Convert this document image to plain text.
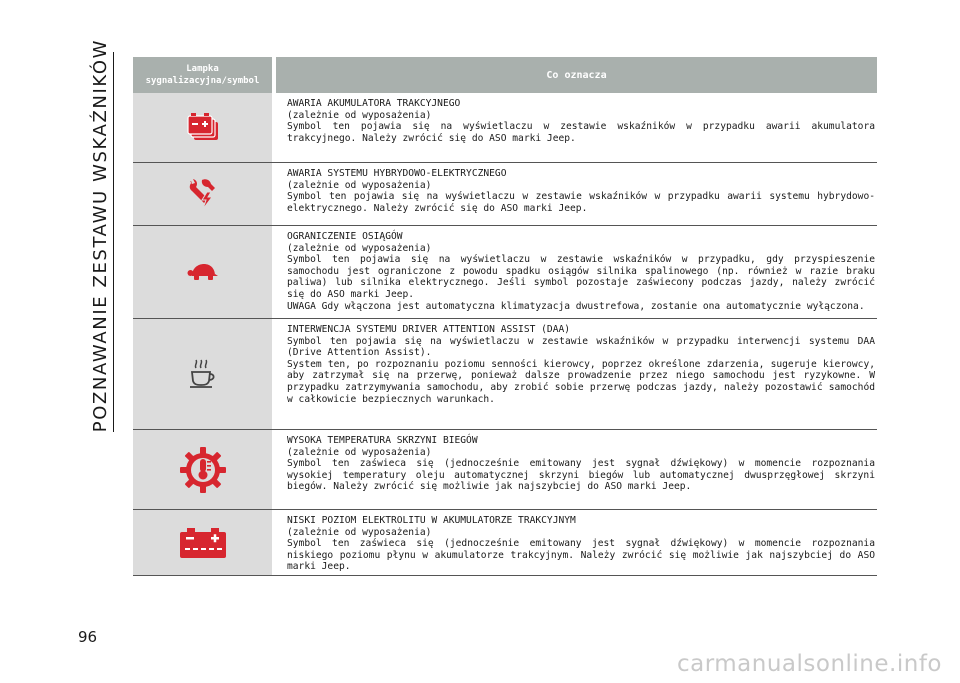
POZNAWANIE ZESTAWU WSKAŹNIKÓW	Lampka
sygnalizacyjna/symbol
Co oznacza
AWARIA AKUMULATORA TRAKCYJNEGO
(zależnie od wyposażenia)
Symbol ten pojawia się na wyświetlaczu w zestawie wskaźników w przypadku awarii akumulatora trakcyjnego. Należy zwrócić się do ASO marki Jeep.
AWARIA SYSTEMU HYBRYDOWO-ELEKTRYCZNEGO
(zależnie od wyposażenia)
Symbol ten pojawia się na wyświetlaczu w zestawie wskaźników w przypadku awarii systemu hybrydowo-elektrycznego. Należy zwrócić się do ASO marki Jeep.
OGRANICZENIE OSIĄGÓW
(zależnie od wyposażenia)
Symbol ten pojawia się na wyświetlaczu w zestawie wskaźników w przypadku, gdy przyspieszenie samochodu jest ograniczone z powodu spadku osiągów silnika spalinowego (np. również w razie braku paliwa) lub silnika elektrycznego. Jeśli symbol pozostaje zaświecony podczas jazdy, należy zwrócić się do ASO marki Jeep.
UWAGA Gdy włączona jest automatyczna klimatyzacja dwustrefowa, zostanie ona automatycznie wyłączona.
INTERWENCJA SYSTEMU DRIVER ATTENTION ASSIST (DAA)
Symbol ten pojawia się na wyświetlaczu w zestawie wskaźników w przypadku interwencji systemu DAA (Drive Attention Assist).
System ten, po rozpoznaniu poziomu senności kierowcy, poprzez określone zdarzenia, sugeruje kierowcy, aby zatrzymał się na przerwę, ponieważ dalsze prowadzenie przez niego samochodu jest ryzykowne. W przypadku zatrzymywania samochodu, aby zrobić sobie przerwę podczas jazdy, należy pozostawić samochód w całkowicie bezpiecznych warunkach.
WYSOKA TEMPERATURA SKRZYNI BIEGÓW
(zależnie od wyposażenia)
Symbol ten zaświeca się (jednocześnie emitowany jest sygnał dźwiękowy) w momencie rozpoznania wysokiej temperatury oleju automatycznej skrzyni biegów lub automatycznej dwusprzęgłowej skrzyni biegów. Należy zwrócić się możliwie jak najszybciej do ASO marki Jeep.
NISKI POZIOM ELEKTROLITU W AKUMULATORZE TRAKCYJNYM
(zależnie od wyposażenia)
Symbol ten zaświeca się (jednocześnie emitowany jest sygnał dźwiękowy) w momencie rozpoznania niskiego poziomu płynu w akumulatorze trakcyjnym. Należy zwrócić się możliwie jak najszybciej do ASO marki Jeep.
96
carmanualsonline.info
